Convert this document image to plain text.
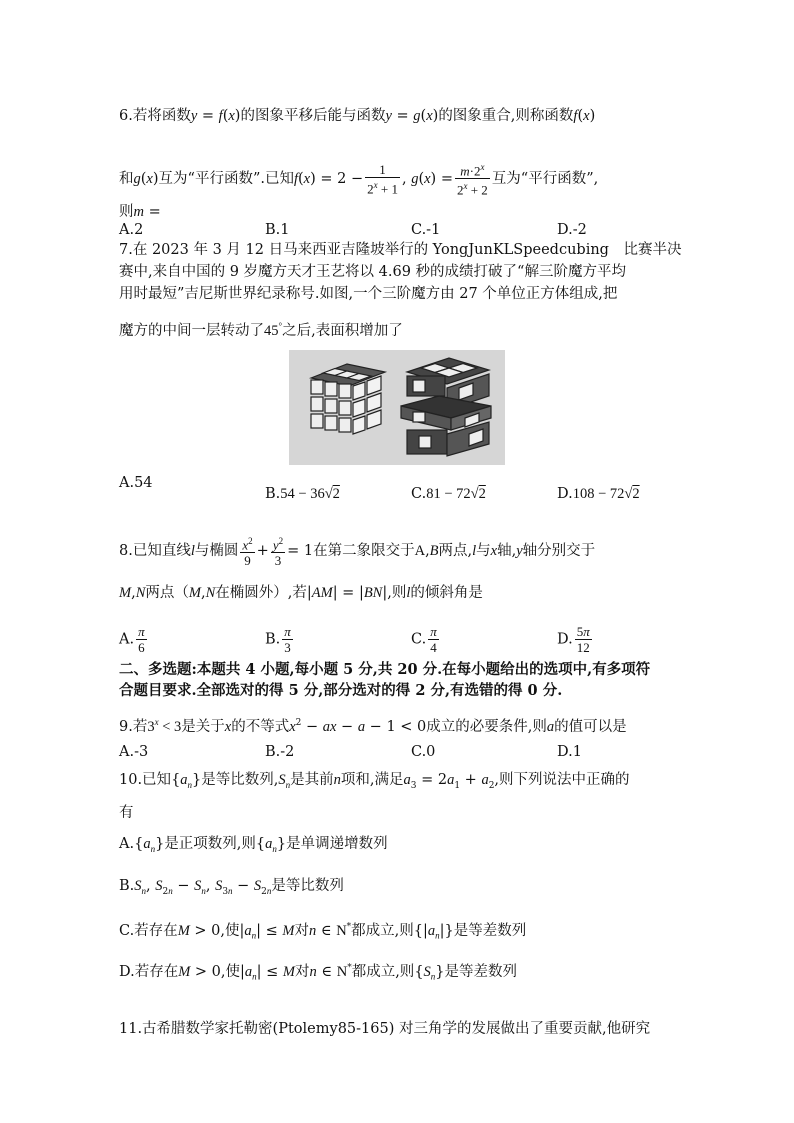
6.若将函数y = f(x)的图象平移后能与函数y = g(x)的图象重合,则称函数f(x)
和g(x)互为“平行函数”.已知$f(x) = 2 - \frac{1}{2^x + 1}$ , $g(x) = \frac{m\cdot 2^x}{2^x + 2}$ 互为“平行函数”,
则m =
A.2	B.1	C.-1	D.-2
7.在 2023 年 3 月 12 日马来西亚吉隆坡举行的 YongJunKLSpeedcubing　比赛半决
赛中,来自中国的 9 岁魔方天才王艺将以 4.69 秒的成绩打破了“解三阶魔方平均
用时最短”吉尼斯世界纪录称号.如图,一个三阶魔方由 27 个单位正方体组成,把
魔方的中间一层转动了45°之后,表面积增加了
A.54
B.54 − 36√2	C.81 − 72√2	D.108 − 72√2
8.已知直线l与椭圆 $\frac{x^2}{9} + \frac{y^2}{3} = 1$在第二象限交于A,B两点,l与x轴,y轴分别交于
M,N两点（M,N在椭圆外）,若|AM| = |BN|,则l的倾斜角是
A. $\frac{\pi}{6}$	B. $\frac{\pi}{3}$	C. $\frac{\pi}{4}$	D. $\frac{5\pi}{12}$
二、多选题:本题共 4 小题,每小题 5 分,共 20 分.在每小题给出的选项中,有多项符
合题目要求.全部选对的得 5 分,部分选对的得 2 分,有选错的得 0 分.
9.若$3^x < 3$是关于x的不等式$x^2$ − ax − a − 1 < 0成立的必要条件,则a的值可以是
A.-3	B.-2	C.0	D.1
10.已知$\{a_n\}$是等比数列$,S_n$是其前n项和,满足$a_3 = 2a_1 + a_2$,则下列说法中正确的
有
$A.\{a_n\}$是正项数列,则$\{a_n\}$是单调递增数列
$B.S_n$, $S_{2n} - S_n$, $S_{3n} - S_{2n}$是等比数列
C.若存在M > 0,使$|a_n| \le M$对n ∈ N*都成立,则$\{|a_n|\}$是等差数列
D.若存在M > 0,使$|a_n| \le M$对n ∈ N*都成立,则$\{S_n\}$是等差数列
11.古希腊数学家托勒密(Ptolemy85-165) 对三角学的发展做出了重要贡献,他研究
